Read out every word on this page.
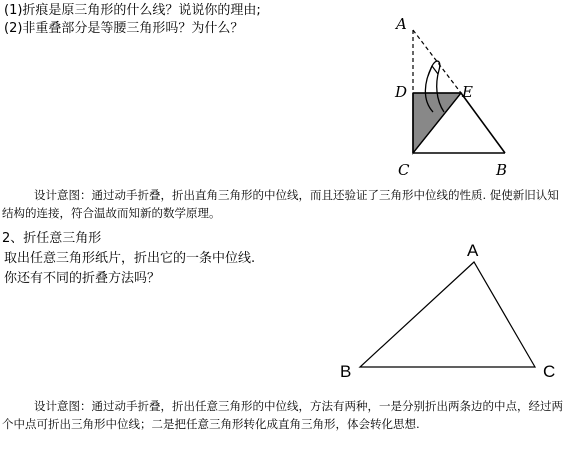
(1)折痕是原三角形的什么线？说说你的理由;
(2)非重叠部分是等腰三角形吗？为什么？	A
D	E
C	B
A
B	C
设计意图：通过动手折叠，折出直角三角形的中位线，而且还验证了三角形中位线的性质. 促使新旧认知结构的连接，符合温故而知新的数学原理。
2、折任意三角形
取出任意三角形纸片，折出它的一条中位线.
你还有不同的折叠方法吗？
设计意图：通过动手折叠，折出任意三角形的中位线，方法有两种，一是分别折出两条边的中点，经过两个中点可折出三角形中位线；二是把任意三角形转化成直角三角形，体会转化思想.
